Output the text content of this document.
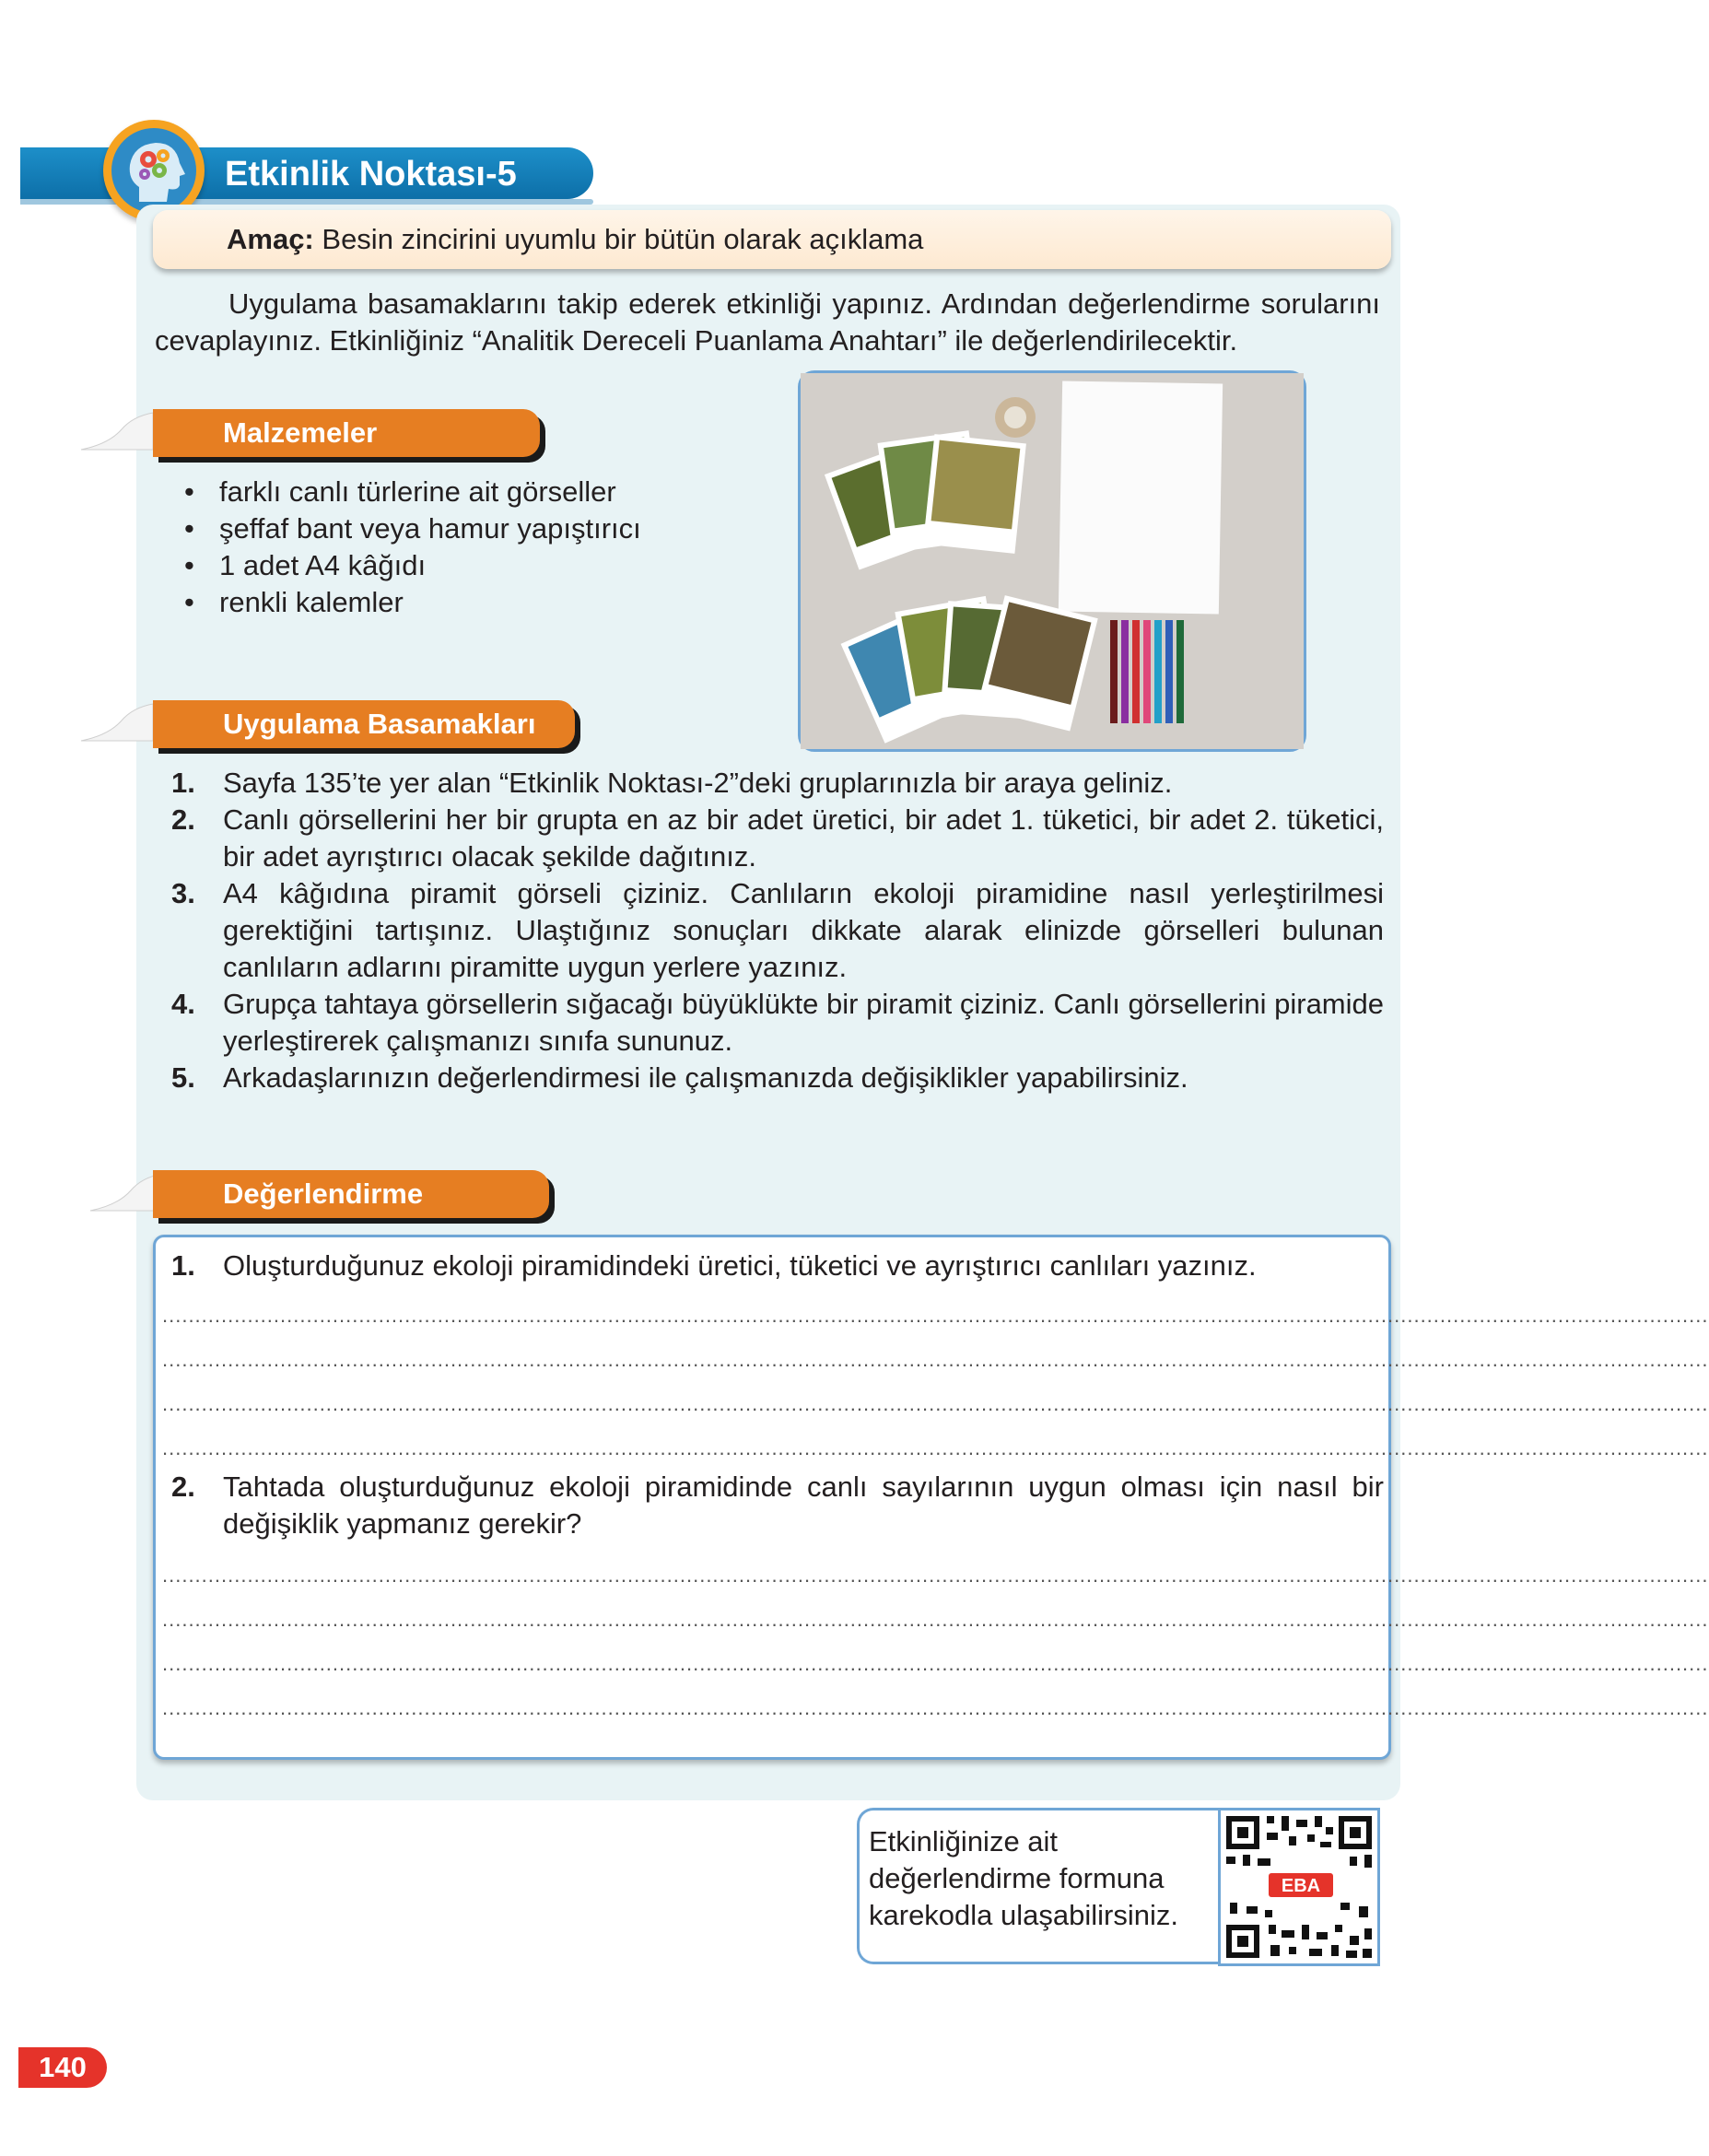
Etkinlik Noktası-5
Amaç: Besin zincirini uyumlu bir bütün olarak açıklama
Uygulama basamaklarını takip ederek etkinliği yapınız. Ardından değerlendirme sorularını cevaplayınız. Etkinliğiniz “Analitik Dereceli Puanlama Anahtarı” ile değerlendirilecektir.
Malzemeler
• farklı canlı türlerine ait görseller
• şeffaf bant veya hamur yapıştırıcı
• 1 adet A4 kâğıdı
• renkli kalemler
Uygulama Basamakları
1. Sayfa 135’te yer alan “Etkinlik Noktası-2”deki gruplarınızla bir araya geliniz.
2. Canlı görsellerini her bir grupta en az bir adet üretici, bir adet 1. tüketici, bir adet 2. tüketici, bir adet ayrıştırıcı olacak şekilde dağıtınız.
3. A4 kâğıdına piramit görseli çiziniz. Canlıların ekoloji piramidine nasıl yerleştirilmesi gerektiğini tartışınız. Ulaştığınız sonuçları dikkate alarak elinizde görselleri bulunan canlıların adlarını piramitte uygun yerlere yazınız.
4. Grupça tahtaya görsellerin sığacağı büyüklükte bir piramit çiziniz. Canlı görsellerini piramide yerleştirerek çalışmanızı sınıfa sununuz.
5. Arkadaşlarınızın değerlendirmesi ile çalışmanızda değişiklikler yapabilirsiniz.
Değerlendirme
1. Oluşturduğunuz ekoloji piramidindeki üretici, tüketici ve ayrıştırıcı canlıları yazınız.
............................................................................................................................................................................................................................................
............................................................................................................................................................................................................................................
............................................................................................................................................................................................................................................
............................................................................................................................................................................................................................................
2. Tahtada oluşturduğunuz ekoloji piramidinde canlı sayılarının uygun olması için nasıl bir değişiklik yapmanız gerekir?
............................................................................................................................................................................................................................................
............................................................................................................................................................................................................................................
............................................................................................................................................................................................................................................
............................................................................................................................................................................................................................................
Etkinliğinize ait değerlendirme formuna karekodla ulaşabilirsiniz.
EBA
140
